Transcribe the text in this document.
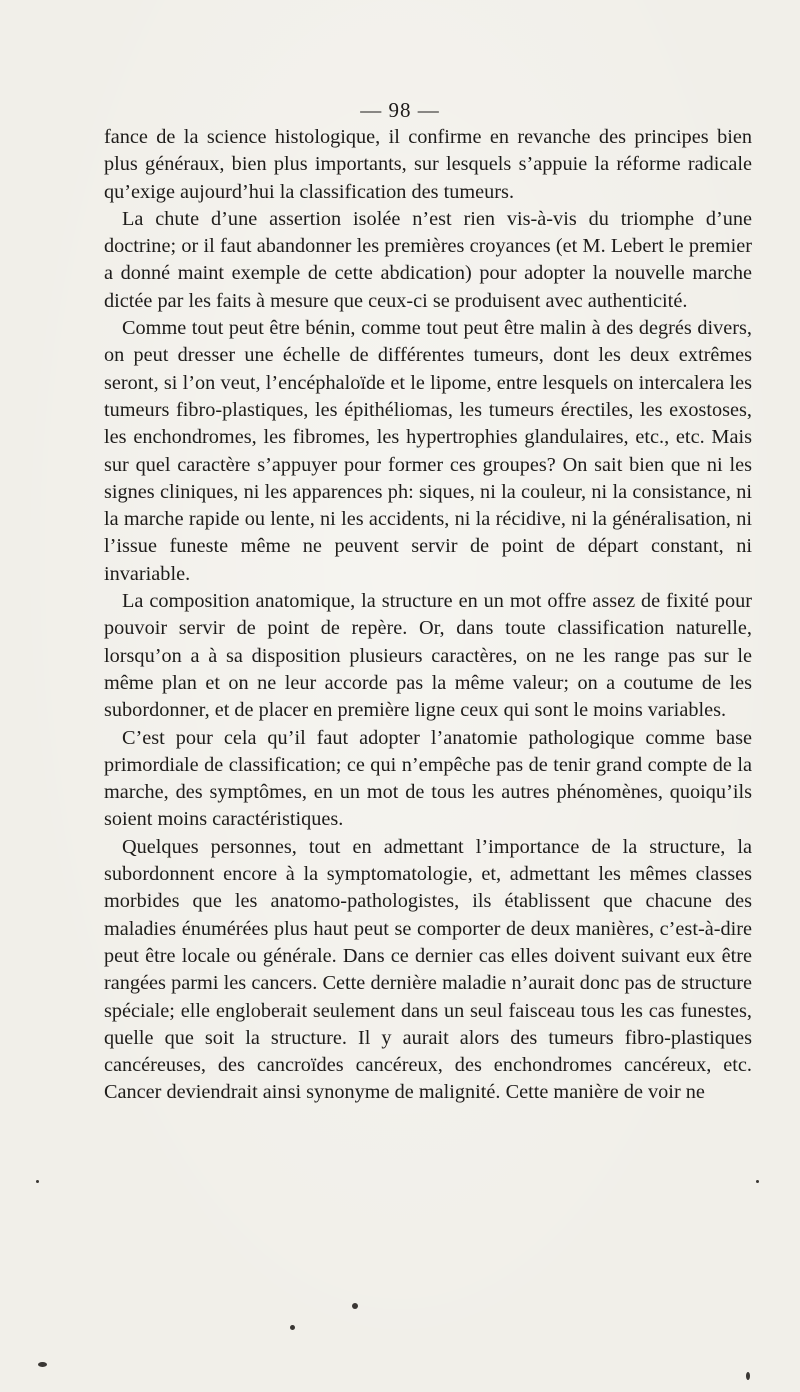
— 98 —

fance de la science histologique, il confirme en revanche des principes bien plus généraux, bien plus importants, sur lesquels s’appuie la réforme radicale qu’exige aujourd’hui la classification des tumeurs.

La chute d’une assertion isolée n’est rien vis-à-vis du triomphe d’une doctrine; or il faut abandonner les premières croyances (et M. Lebert le premier a donné maint exemple de cette abdication) pour adopter la nouvelle marche dictée par les faits à mesure que ceux-ci se produisent avec authenticité.

Comme tout peut être bénin, comme tout peut être malin à des degrés divers, on peut dresser une échelle de différentes tumeurs, dont les deux extrêmes seront, si l’on veut, l’encéphaloïde et le lipome, entre lesquels on intercalera les tumeurs fibro-plastiques, les épithéliomas, les tumeurs érectiles, les exostoses, les enchondromes, les fibromes, les hypertrophies glandulaires, etc., etc. Mais sur quel caractère s’appuyer pour former ces groupes? On sait bien que ni les signes cliniques, ni les apparences ph: siques, ni la couleur, ni la consistance, ni la marche rapide ou lente, ni les accidents, ni la récidive, ni la généralisation, ni l’issue funeste même ne peuvent servir de point de départ constant, ni invariable.

La composition anatomique, la structure en un mot offre assez de fixité pour pouvoir servir de point de repère. Or, dans toute classification naturelle, lorsqu’on a à sa disposition plusieurs caractères, on ne les range pas sur le même plan et on ne leur accorde pas la même valeur; on a coutume de les subordonner, et de placer en première ligne ceux qui sont le moins variables.

C’est pour cela qu’il faut adopter l’anatomie pathologique comme base primordiale de classification; ce qui n’empêche pas de tenir grand compte de la marche, des symptômes, en un mot de tous les autres phénomènes, quoiqu’ils soient moins caractéristiques.

Quelques personnes, tout en admettant l’importance de la structure, la subordonnent encore à la symptomatologie, et, admettant les mêmes classes morbides que les anatomo-pathologistes, ils établissent que chacune des maladies énumérées plus haut peut se comporter de deux manières, c’est-à-dire peut être locale ou générale. Dans ce dernier cas elles doivent suivant eux être rangées parmi les cancers. Cette dernière maladie n’aurait donc pas de structure spéciale; elle engloberait seulement dans un seul faisceau tous les cas funestes, quelle que soit la structure. Il y aurait alors des tumeurs fibro-plastiques cancéreuses, des cancroïdes cancéreux, des enchondromes cancéreux, etc. Cancer deviendrait ainsi synonyme de malignité. Cette manière de voir ne
